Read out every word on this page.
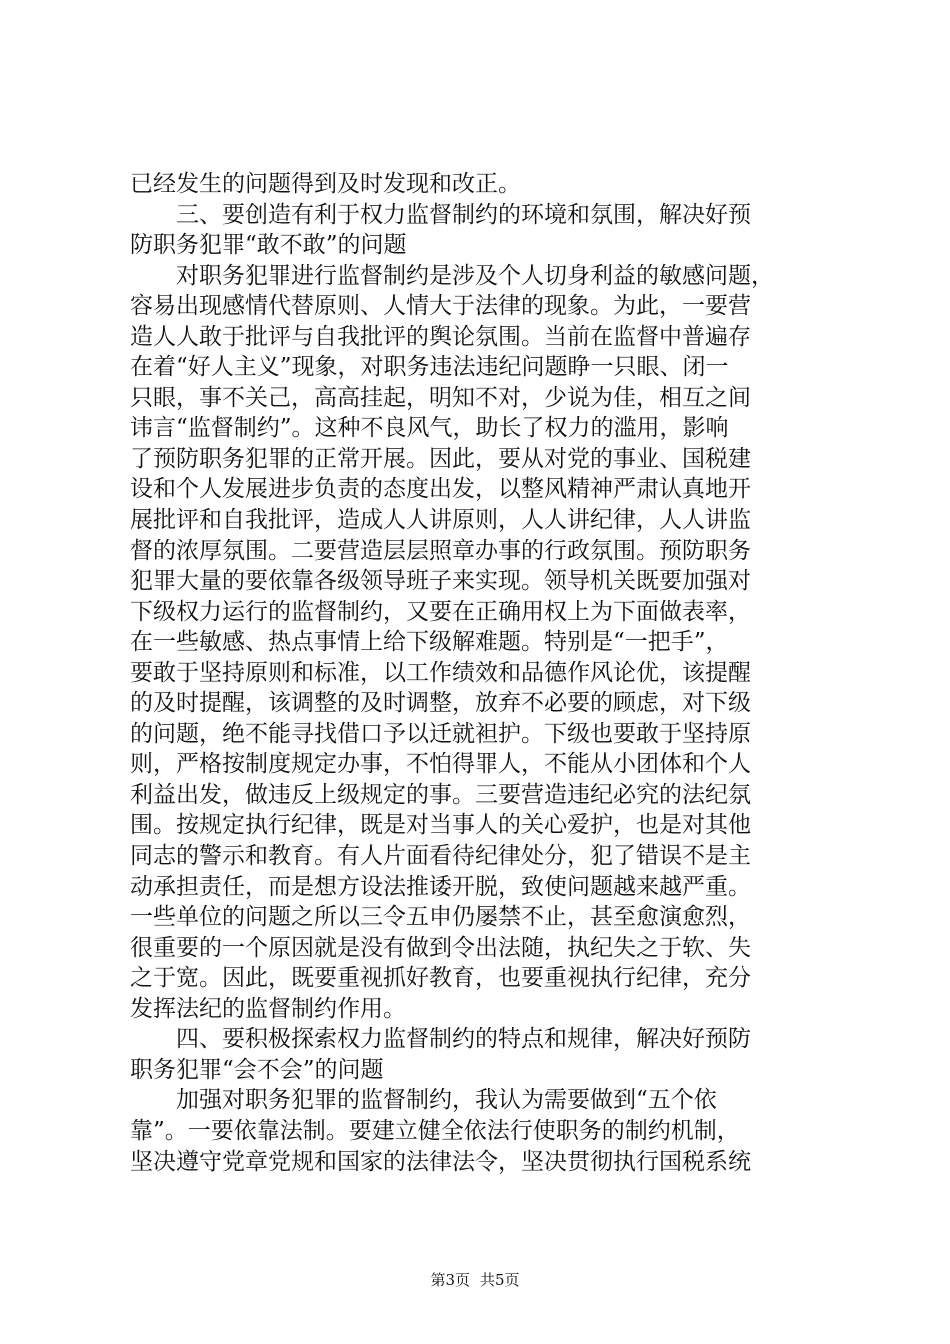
已经发生的问题得到及时发现和改正。
　　三、要创造有利于权力监督制约的环境和氛围，解决好预
防职务犯罪“敢不敢”的问题
　　对职务犯罪进行监督制约是涉及个人切身利益的敏感问题，
容易出现感情代替原则、人情大于法律的现象。为此，一要营
造人人敢于批评与自我批评的舆论氛围。当前在监督中普遍存
在着“好人主义”现象，对职务违法违纪问题睁一只眼、闭一
只眼，事不关己，高高挂起，明知不对，少说为佳，相互之间
讳言“监督制约”。这种不良风气，助长了权力的滥用，影响
了预防职务犯罪的正常开展。因此，要从对党的事业、国税建
设和个人发展进步负责的态度出发，以整风精神严肃认真地开
展批评和自我批评，造成人人讲原则，人人讲纪律，人人讲监
督的浓厚氛围。二要营造层层照章办事的行政氛围。预防职务
犯罪大量的要依靠各级领导班子来实现。领导机关既要加强对
下级权力运行的监督制约，又要在正确用权上为下面做表率，
在一些敏感、热点事情上给下级解难题。特别是“一把手”，
要敢于坚持原则和标准，以工作绩效和品德作风论优，该提醒
的及时提醒，该调整的及时调整，放弃不必要的顾虑，对下级
的问题，绝不能寻找借口予以迁就袒护。下级也要敢于坚持原
则，严格按制度规定办事，不怕得罪人，不能从小团体和个人
利益出发，做违反上级规定的事。三要营造违纪必究的法纪氛
围。按规定执行纪律，既是对当事人的关心爱护，也是对其他
同志的警示和教育。有人片面看待纪律处分，犯了错误不是主
动承担责任，而是想方设法推诿开脱，致使问题越来越严重。
一些单位的问题之所以三令五申仍屡禁不止，甚至愈演愈烈，
很重要的一个原因就是没有做到令出法随，执纪失之于软、失
之于宽。因此，既要重视抓好教育，也要重视执行纪律，充分
发挥法纪的监督制约作用。
　　四、要积极探索权力监督制约的特点和规律，解决好预防
职务犯罪“会不会”的问题
　　加强对职务犯罪的监督制约，我认为需要做到“五个依
靠”。一要依靠法制。要建立健全依法行使职务的制约机制，
坚决遵守党章党规和国家的法律法令，坚决贯彻执行国税系统
第3页 共5页
